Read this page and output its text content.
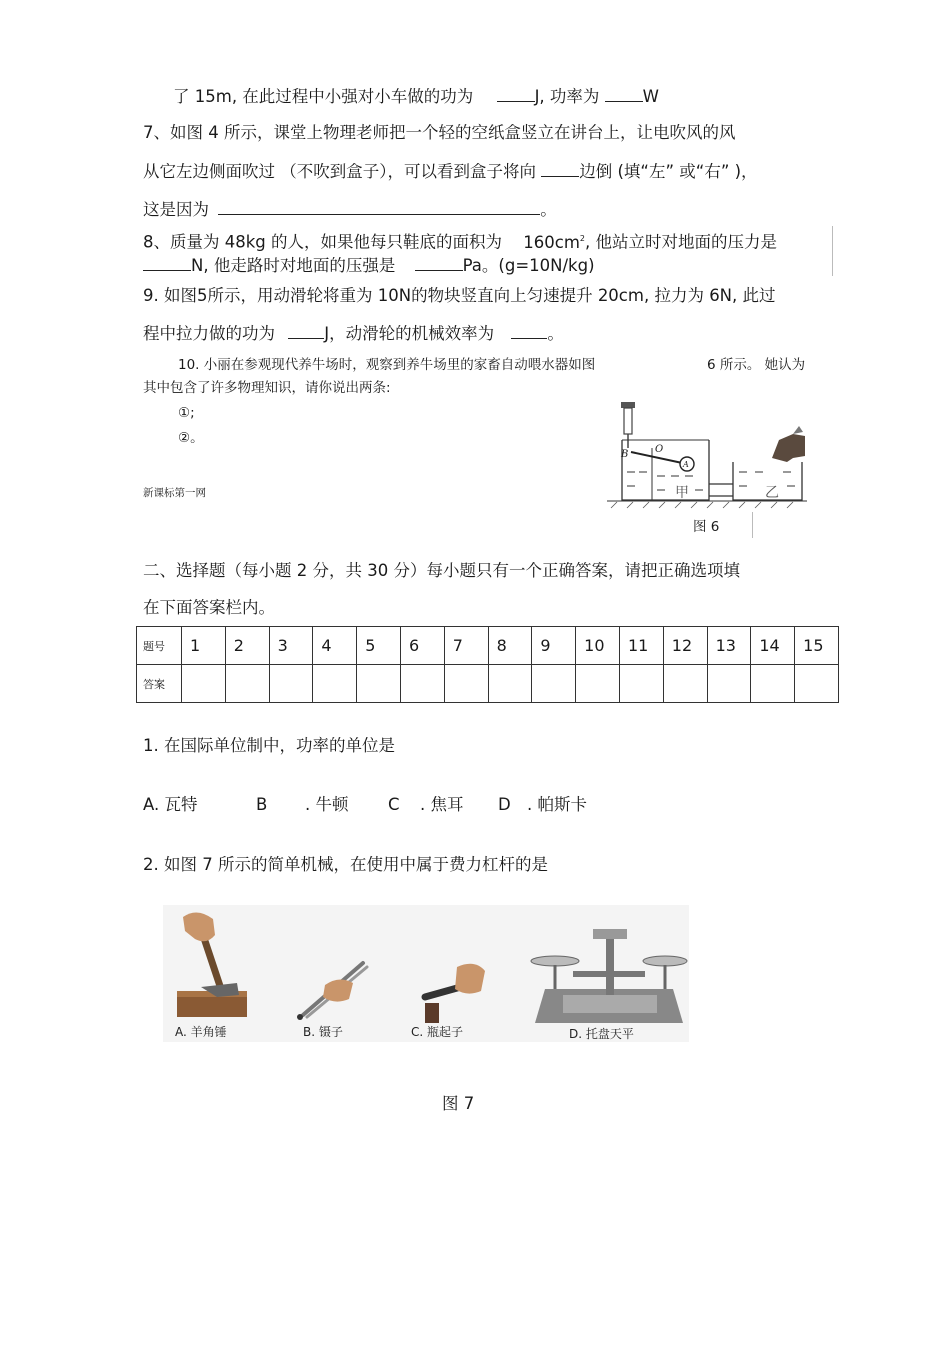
了 15m, 在此过程中小强对小车做的功为	J, 功率为	W
7、如图 4 所示，课堂上物理老师把一个轻的空纸盒竖立在讲台上，让电吹风的风
从它左边侧面吹过 （不吹到盒子），可以看到盒子将向	边倒 (填“左” 或“右” )，
这是因为	。
8、质量为 48kg 的人，如果他每只鞋底的面积为 $160cm^2$, 他站立时对地面的压力是
N, 他走路时对地面的压强是	Pa。(g=10N/kg)
9. 如图5所示，用动滑轮将重为 10N的物块竖直向上匀速提升 20cm, 拉力为 6N, 此过
程中拉力做的功为	J，动滑轮的机械效率为	。
10. 小丽在参观现代养牛场时，观察到养牛场里的家畜自动喂水器如图	6 所示。 她认为
其中包含了许多物理知识，请你说出两条:
①;
②。
新课标第一网
B	O
A
甲	乙
图 6
二、选择题（每小题 2 分，共 30 分）每小题只有一个正确答案，请把正确选项填
在下面答案栏内。
题号	1	2	3	4	5	6	7	8	9	10	11	12	13	14	15
答案															
1. 在国际单位制中，功率的单位是
A. 瓦特	B . 牛顿 C . 焦耳 D . 帕斯卡
2. 如图 7 所示的简单机械，在使用中属于费力杠杆的是
A. 羊角锤	B. 镊子	C. 瓶起子	D. 托盘天平
图 7
